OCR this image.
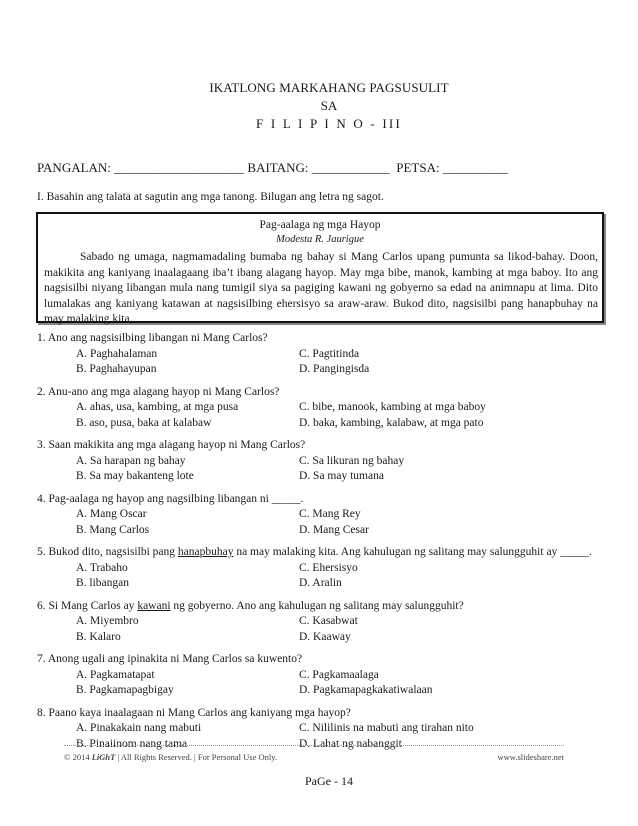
IKATLONG MARKAHANG PAGSUSULIT
SA
F I L I P I N O - III
PANGALAN: ____________________ BAITANG: ____________  PETSA: __________
I. Basahin ang talata at sagutin ang mga tanong. Bilugan ang letra ng sagot.
Pag-aalaga ng mga Hayop
Modesta R. Jaurigue
Sabado ng umaga, nagmamadaling bumaba ng bahay si Mang Carlos upang pumunta sa likod-bahay. Doon, makikita ang kaniyang inaalagaang iba’t ibang alagang hayop. May mga bibe, manok, kambing at mga baboy. Ito ang nagsisilbi niyang libangan mula nang tumigil siya sa pagiging kawani ng gobyerno sa edad na animnapu at lima. Dito lumalakas ang kaniyang katawan at nagsisilbing ehersisyo sa araw-araw. Bukod dito, nagsisilbi pang hanapbuhay na may malaking kita.
1. Ano ang nagsisilbing libangan ni Mang Carlos?
A. Paghahalaman	C. Pagtitinda
B. Paghahayupan	D. Pangingisda
2. Anu-ano ang mga alagang hayop ni Mang Carlos?
A. ahas, usa, kambing, at mga pusa	C. bibe, manook, kambing at mga baboy
B. aso, pusa, baka at kalabaw	D. baka, kambing, kalabaw, at mga pato
3. Saan makikita ang mga alagang hayop ni Mang Carlos?
A. Sa harapan ng bahay	C. Sa likuran ng bahay
B. Sa may bakanteng lote	D. Sa may tumana
4. Pag-aalaga ng hayop ang nagsilbing libangan ni _____.
A. Mang Oscar	C. Mang Rey
B. Mang Carlos	D. Mang Cesar
5. Bukod dito, nagsisilbi pang hanapbuhay na may malaking kita. Ang kahulugan ng salitang may salungguhit ay _____.
A. Trabaho	C. Ehersisyo
B. libangan	D. Aralin
6. Si Mang Carlos ay kawani ng gobyerno. Ano ang kahulugan ng salitang may salungguhit?
A. Miyembro	C. Kasabwat
B. Kalaro	D. Kaaway
7. Anong ugali ang ipinakita ni Mang Carlos sa kuwento?
A. Pagkamatapat	C. Pagkamaalaga
B. Pagkamapagbigay	D. Pagkamapagkakatiwalaan
8. Paano kaya inaalagaan ni Mang Carlos ang kaniyang mga hayop?
A. Pinakakain nang mabuti	C. Nililinis na mabuti ang tirahan nito
B. Pinaiinom nang tama	D. Lahat ng nabanggit
© 2014 LiGhT | All Rights Reserved. | For Personal Use Only.	www.slideshare.net
PaGe - 14
